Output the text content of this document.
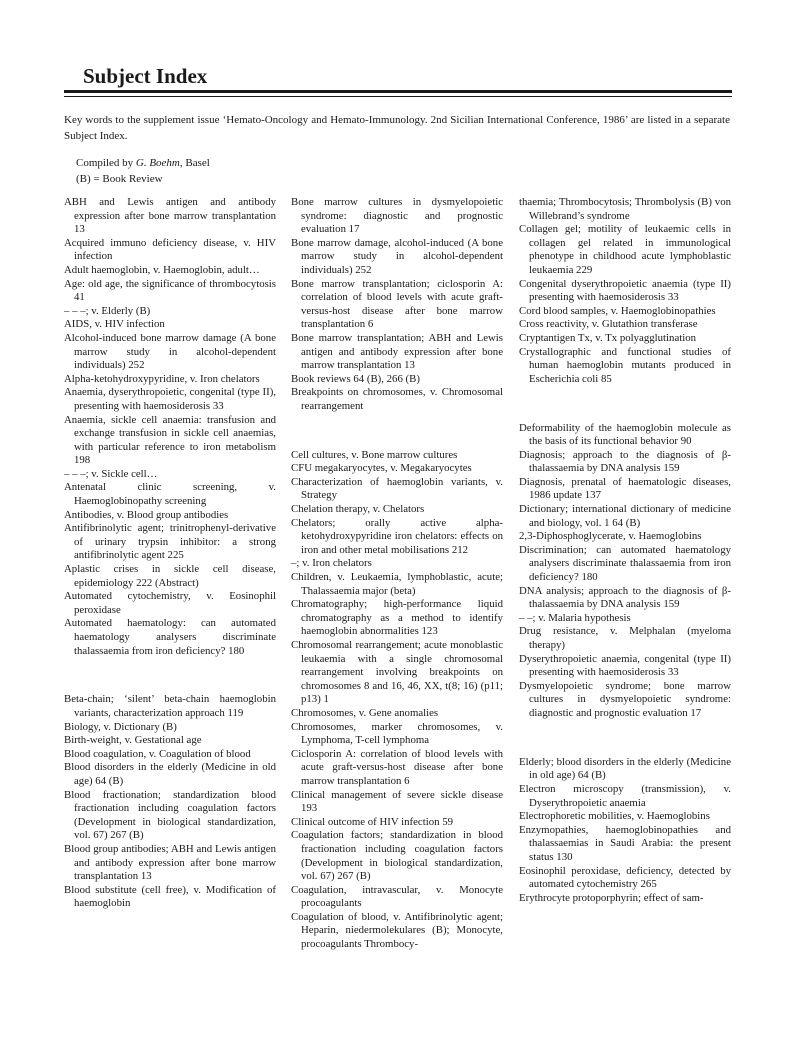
Subject Index

Key words to the supplement issue ‘Hemato-Oncology and Hemato-Immunology. 2nd Sicilian International Conference, 1986’ are listed in a separate Subject Index.

Compiled by G. Boehm, Basel

(B) = Book Review

ABH and Lewis antigen and antibody expression after bone marrow transplantation 13

Acquired immuno deficiency disease, v. HIV infection

Adult haemoglobin, v. Haemoglobin, adult…

Age: old age, the significance of thrombocytosis 41

– – –; v. Elderly (B)

AIDS, v. HIV infection

Alcohol-induced bone marrow damage (A bone marrow study in alcohol-dependent individuals) 252

Alpha-ketohydroxypyridine, v. Iron chelators

Anaemia, dyserythropoietic, congenital (type II), presenting with haemosiderosis 33

Anaemia, sickle cell anaemia: transfusion and exchange transfusion in sickle cell anaemias, with particular reference to iron metabolism 198

– – –; v. Sickle cell…

Antenatal clinic screening, v. Haemoglobinopathy screening

Antibodies, v. Blood group antibodies

Antifibrinolytic agent; trinitrophenyl-derivative of urinary trypsin inhibitor: a strong antifibrinolytic agent 225

Aplastic crises in sickle cell disease, epidemiology 222 (Abstract)

Automated cytochemistry, v. Eosinophil peroxidase

Automated haematology: can automated haematology analysers discriminate thalassaemia from iron deficiency? 180

Beta-chain; ‘silent’ beta-chain haemoglobin variants, characterization approach 119

Biology, v. Dictionary (B)

Birth-weight, v. Gestational age

Blood coagulation, v. Coagulation of blood

Blood disorders in the elderly (Medicine in old age) 64 (B)

Blood fractionation; standardization blood fractionation including coagulation factors (Development in biological standardization, vol. 67) 267 (B)

Blood group antibodies; ABH and Lewis antigen and antibody expression after bone marrow transplantation 13

Blood substitute (cell free), v. Modification of haemoglobin

Bone marrow cultures in dysmyelopoietic syndrome: diagnostic and prognostic evaluation 17

Bone marrow damage, alcohol-induced (A bone marrow study in alcohol-dependent individuals) 252

Bone marrow transplantation; ciclosporin A: correlation of blood levels with acute graft-versus-host disease after bone marrow transplantation 6

Bone marrow transplantation; ABH and Lewis antigen and antibody expression after bone marrow transplantation 13

Book reviews 64 (B), 266 (B)

Breakpoints on chromosomes, v. Chromosomal rearrangement

Cell cultures, v. Bone marrow cultures

CFU megakaryocytes, v. Megakaryocytes

Characterization of haemoglobin variants, v. Strategy

Chelation therapy, v. Chelators

Chelators; orally active alpha-ketohydroxypyridine iron chelators: effects on iron and other metal mobilisations 212

–; v. Iron chelators

Children, v. Leukaemia, lymphoblastic, acute; Thalassaemia major (beta)

Chromatography; high-performance liquid chromatography as a method to identify haemoglobin abnormalities 123

Chromosomal rearrangement; acute monoblastic leukaemia with a single chromosomal rearrangement involving breakpoints on chromosomes 8 and 16, 46, XX, t(8; 16) (p11; p13) 1

Chromosomes, v. Gene anomalies

Chromosomes, marker chromosomes, v. Lymphoma, T-cell lymphoma

Ciclosporin A: correlation of blood levels with acute graft-versus-host disease after bone marrow transplantation 6

Clinical management of severe sickle disease 193

Clinical outcome of HIV infection 59

Coagulation factors; standardization in blood fractionation including coagulation factors (Development in biological standardization, vol. 67) 267 (B)

Coagulation, intravascular, v. Monocyte procoagulants

Coagulation of blood, v. Antifibrinolytic agent; Heparin, niedermolekulares (B); Monocyte, procoagulants Thrombocy-

thaemia; Thrombocytosis; Thrombolysis (B) von Willebrand’s syndrome

Collagen gel; motility of leukaemic cells in collagen gel related in immunological phenotype in childhood acute lymphoblastic leukaemia 229

Congenital dyserythropoietic anaemia (type II) presenting with haemosiderosis 33

Cord blood samples, v. Haemoglobinopathies

Cross reactivity, v. Glutathion transferase

Cryptantigen Tx, v. Tx polyagglutination

Crystallographic and functional studies of human haemoglobin mutants produced in Escherichia coli 85

Deformability of the haemoglobin molecule as the basis of its functional behavior 90

Diagnosis; approach to the diagnosis of β-thalassaemia by DNA analysis 159

Diagnosis, prenatal of haematologic diseases, 1986 update 137

Dictionary; international dictionary of medicine and biology, vol. 1 64 (B)

2,3-Diphosphoglycerate, v. Haemoglobins

Discrimination; can automated haematology analysers discriminate thalassaemia from iron deficiency? 180

DNA analysis; approach to the diagnosis of β-thalassaemia by DNA analysis 159

– –; v. Malaria hypothesis

Drug resistance, v. Melphalan (myeloma therapy)

Dyserythropoietic anaemia, congenital (type II) presenting with haemosiderosis 33

Dysmyelopoietic syndrome; bone marrow cultures in dysmyelopoietic syndrome: diagnostic and prognostic evaluation 17

Elderly; blood disorders in the elderly (Medicine in old age) 64 (B)

Electron microscopy (transmission), v. Dyserythropoietic anaemia

Electrophoretic mobilities, v. Haemoglobins

Enzymopathies, haemoglobinopathies and thalassaemias in Saudi Arabia: the present status 130

Eosinophil peroxidase, deficiency, detected by automated cytochemistry 265

Erythrocyte protoporphyrin; effect of sam-
